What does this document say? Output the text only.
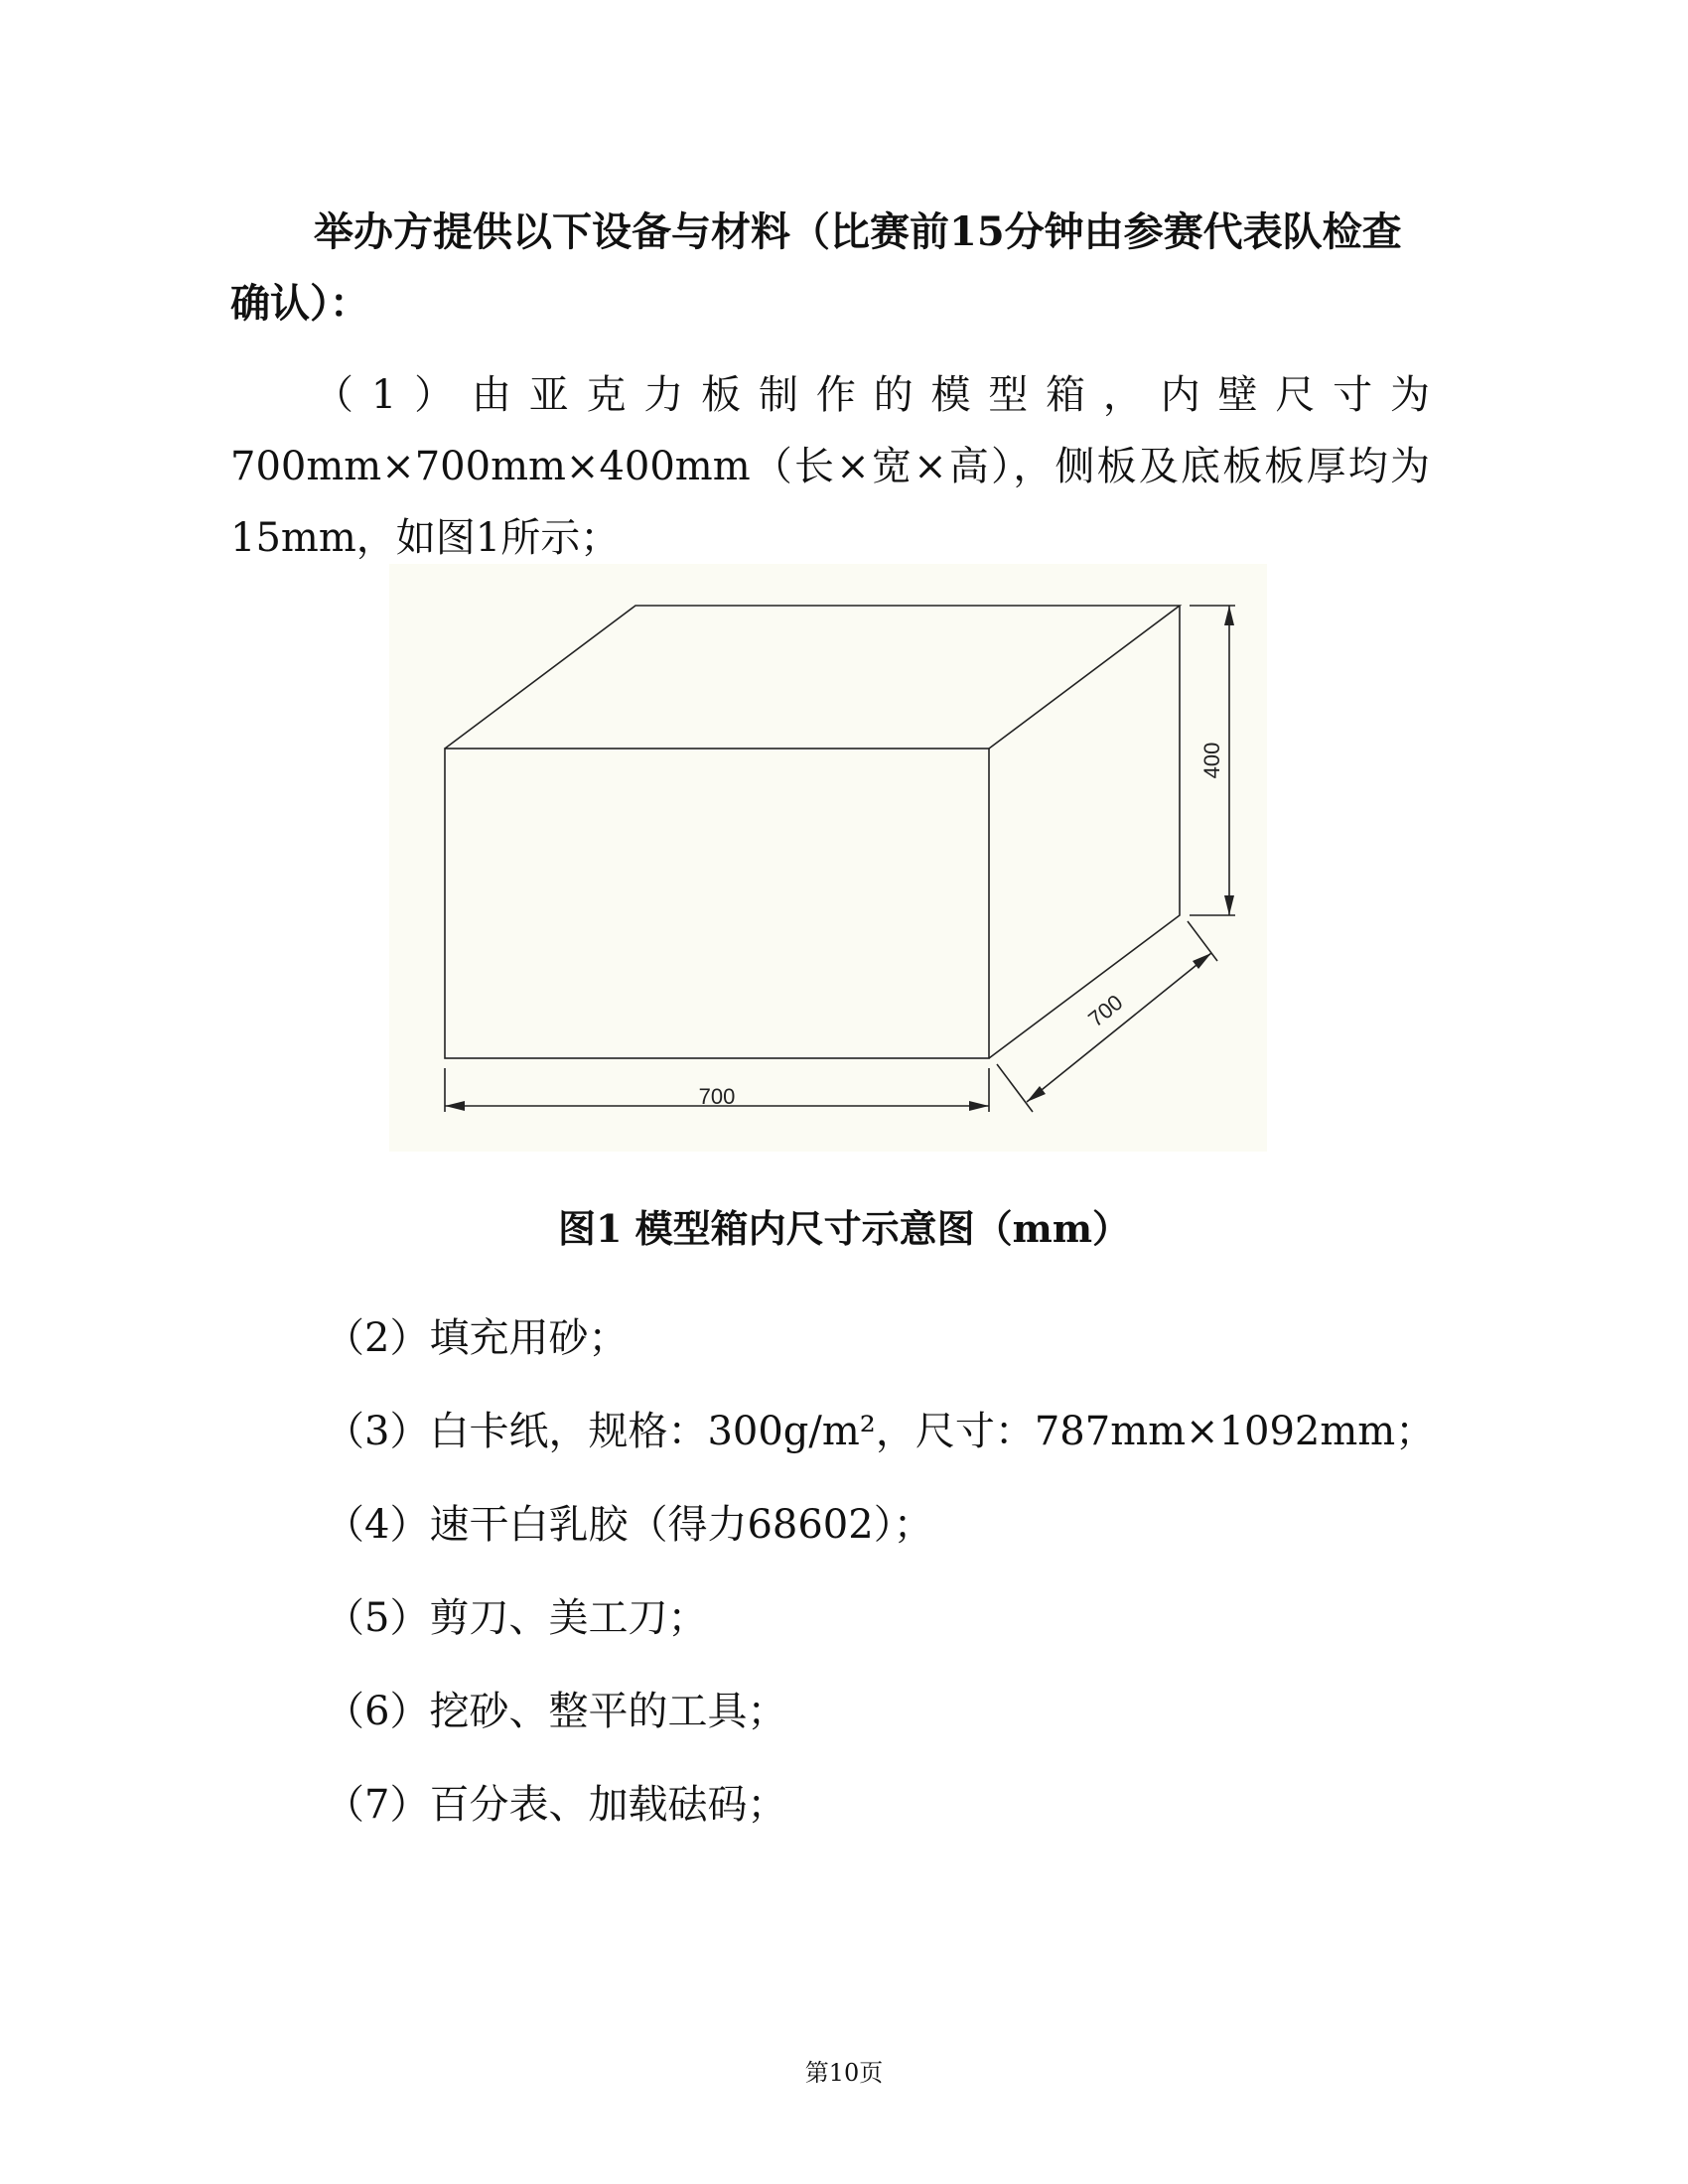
举办方提供以下设备与材料（比赛前15分钟由参赛代表队检查确认）：
（1）由亚克力板制作的模型箱，内壁尺寸为700mm×700mm×400mm（长×宽×高），侧板及底板板厚均为15mm，如图1所示；
700
400
700
图1 模型箱内尺寸示意图（mm）
（2）填充用砂；
（3）白卡纸，规格：300g/m²，尺寸：787mm×1092mm；
（4）速干白乳胶（得力68602）；
（5）剪刀、美工刀；
（6）挖砂、整平的工具；
（7）百分表、加载砝码；
第10页
